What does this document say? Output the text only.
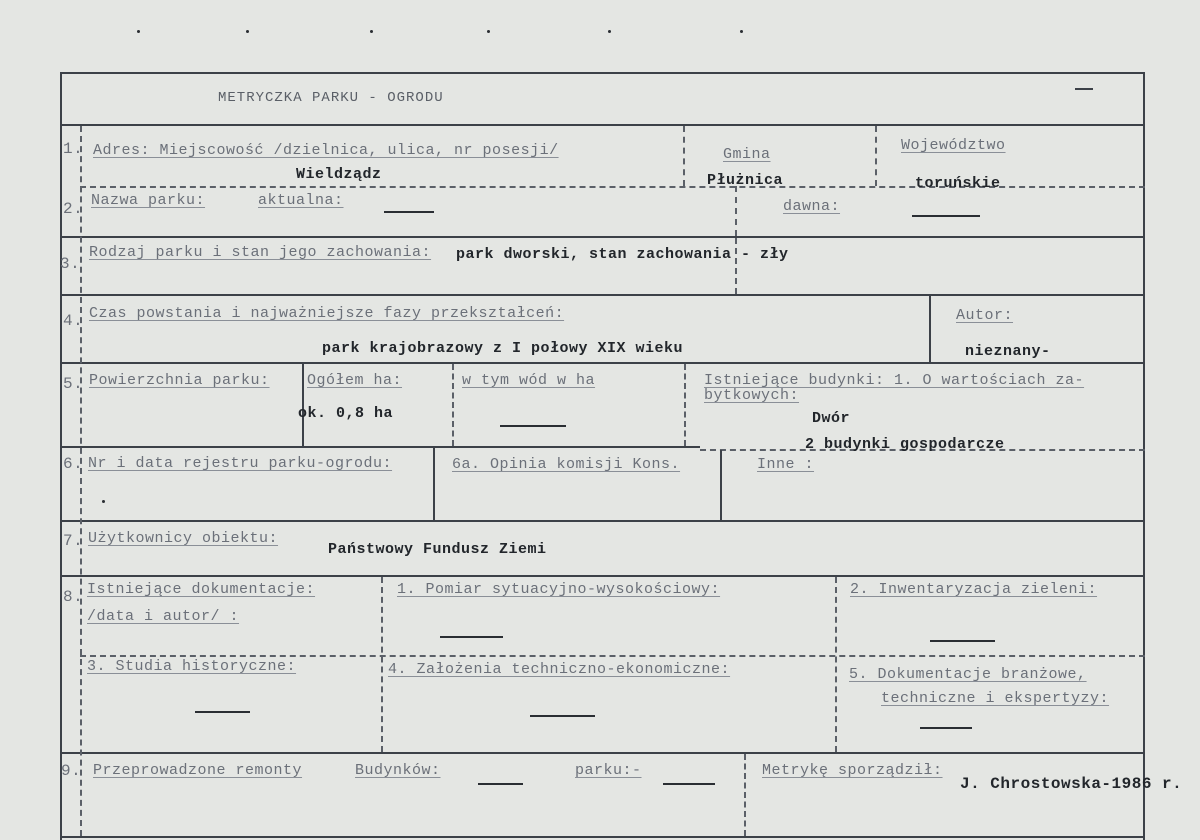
METRYCZKA PARKU - OGRODU
1. Adres: Miejscowość /dzielnica, ulica, nr posesji/
Wieldządz
Gmina
Płużnica
Województwo
toruńskie
2. Nazwa parku:	aktualna:	dawna:
3.
Rodzaj parku i stan jego zachowania: park dworski, stan zachowania - zły
4. Czas powstania i najważniejsze fazy przekształceń:
park krajobrazowy z I połowy XIX wieku
Autor:
nieznany-
5. Powierzchnia parku: Ogółem ha:
ok. 0,8 ha
w tym wód w ha	Istniejące budynki: 1. O wartościach za-
bytkowych:
Dwór
2 budynki gospodarcze
6. Nr i data rejestru parku-ogrodu:	6a. Opinia komisji Kons.	Inne :
7. Użytkownicy obiektu:
Państwowy Fundusz Ziemi
8. Istniejące dokumentacje:
/data i autor/ :
1. Pomiar sytuacyjno-wysokościowy:	2. Inwentaryzacja zieleni:
3. Studia historyczne:	4. Założenia techniczno-ekonomiczne:	5. Dokumentacje branżowe,
techniczne i ekspertyzy:
9. Przeprowadzone remonty	Budynków:	parku:-	Metrykę sporządził:
J. Chrostowska-1986 r.
